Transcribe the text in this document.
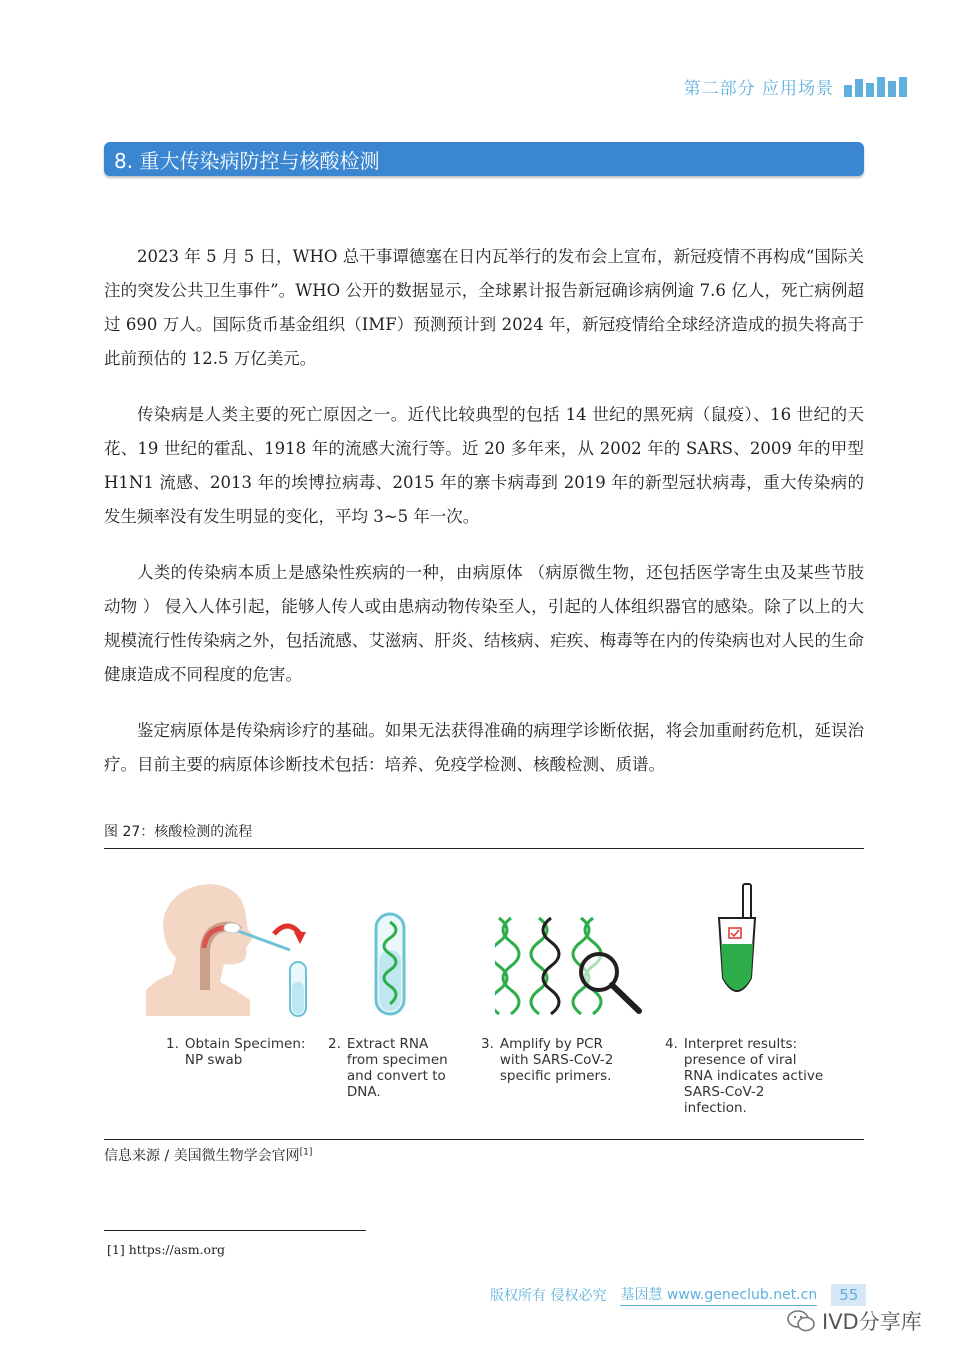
第二部分 应用场景
8. 重大传染病防控与核酸检测

2023 年 5 月 5 日，WHO 总干事谭德塞在日内瓦举行的发布会上宣布，新冠疫情不再构成“国际关注的突发公共卫生事件”。WHO 公开的数据显示，全球累计报告新冠确诊病例逾 7.6 亿人，死亡病例超过 690 万人。国际货币基金组织（IMF）预测预计到 2024 年，新冠疫情给全球经济造成的损失将高于此前预估的 12.5 万亿美元。

传染病是人类主要的死亡原因之一。近代比较典型的包括 14 世纪的黑死病（鼠疫）、16 世纪的天花、19 世纪的霍乱、1918 年的流感大流行等。近 20 多年来，从 2002 年的 SARS、2009 年的甲型 H1N1 流感、2013 年的埃博拉病毒、2015 年的寨卡病毒到 2019 年的新型冠状病毒，重大传染病的发生频率没有发生明显的变化，平均 3~5 年一次。

人类的传染病本质上是感染性疾病的一种，由病原体 （病原微生物，还包括医学寄生虫及某些节肢动物 ） 侵入人体引起，能够人传人或由患病动物传染至人，引起的人体组织器官的感染。除了以上的大规模流行性传染病之外，包括流感、艾滋病、肝炎、结核病、疟疾、梅毒等在内的传染病也对人民的生命健康造成不同程度的危害。

鉴定病原体是传染病诊疗的基础。如果无法获得准确的病理学诊断依据，将会加重耐药危机，延误治疗。目前主要的病原体诊断技术包括：培养、免疫学检测、核酸检测、质谱。

图 27：核酸检测的流程
1. Obtain Specimen: NP swab
2. Extract RNA from specimen and convert to DNA.
3. Amplify by PCR with SARS-CoV-2 specific primers.
4. Interpret results: presence of viral RNA indicates active SARS-CoV-2 infection.
信息来源 / 美国微生物学会官网[1]
[1] https://asm.org
版权所有 侵权必究 基因慧 www.geneclub.net.cn	55
IVD分享库
